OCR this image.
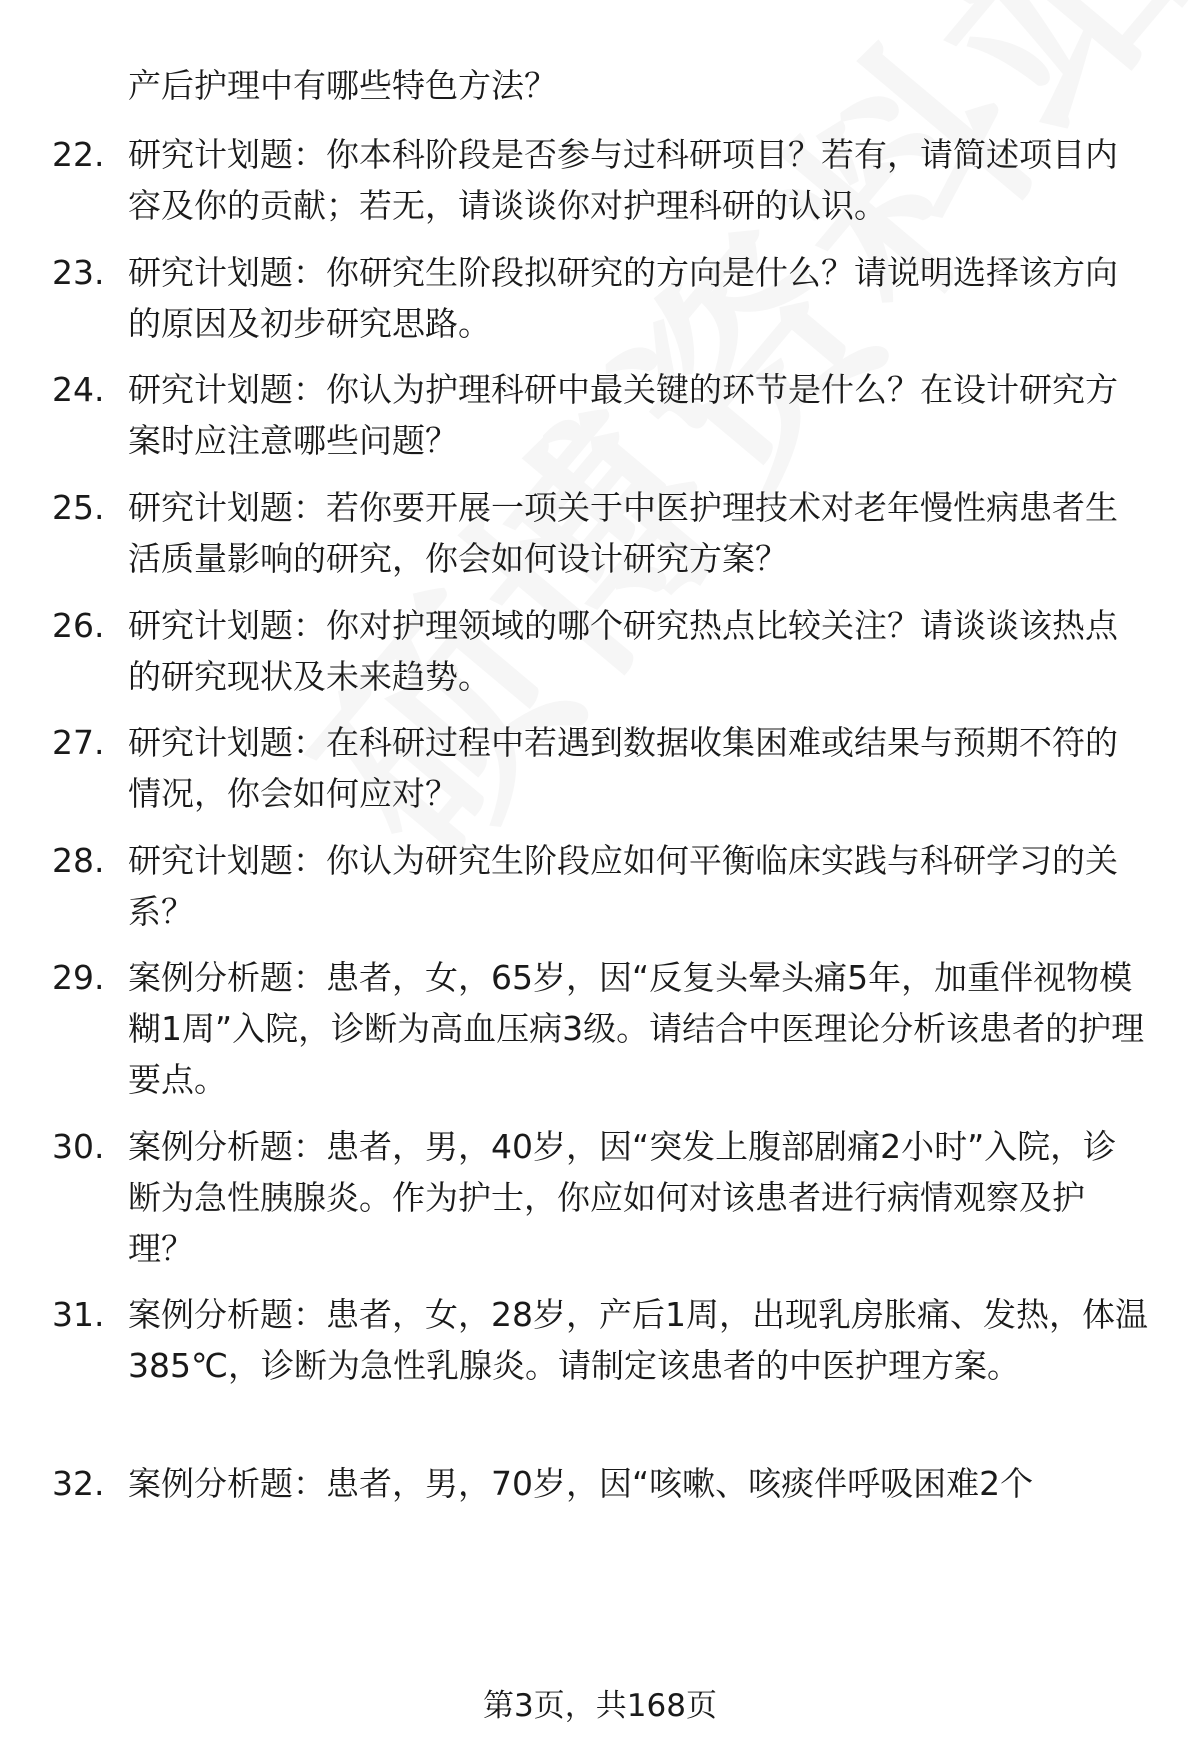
产后护理中有哪些特色方法？

22. 研究计划题：你本科阶段是否参与过科研项目？若有，请简述项目内容及你的贡献；若无，请谈谈你对护理科研的认识。
23. 研究计划题：你研究生阶段拟研究的方向是什么？请说明选择该方向的原因及初步研究思路。
24. 研究计划题：你认为护理科研中最关键的环节是什么？在设计研究方案时应注意哪些问题？
25. 研究计划题：若你要开展一项关于中医护理技术对老年慢性病患者生活质量影响的研究，你会如何设计研究方案？
26. 研究计划题：你对护理领域的哪个研究热点比较关注？请谈谈该热点的研究现状及未来趋势。
27. 研究计划题：在科研过程中若遇到数据收集困难或结果与预期不符的情况，你会如何应对？
28. 研究计划题：你认为研究生阶段应如何平衡临床实践与科研学习的关系？
29. 案例分析题：患者，女，65岁，因“反复头晕头痛5年，加重伴视物模糊1周”入院，诊断为高血压病3级。请结合中医理论分析该患者的护理要点。
30. 案例分析题：患者，男，40岁，因“突发上腹部剧痛2小时”入院，诊断为急性胰腺炎。作为护士，你应如何对该患者进行病情观察及护理？
31. 案例分析题：患者，女，28岁，产后1周，出现乳房胀痛、发热，体温385℃，诊断为急性乳腺炎。请制定该患者的中医护理方案。
32. 案例分析题：患者，男，70岁，因“咳嗽、咳痰伴呼吸困难2个
第3页，共168页
